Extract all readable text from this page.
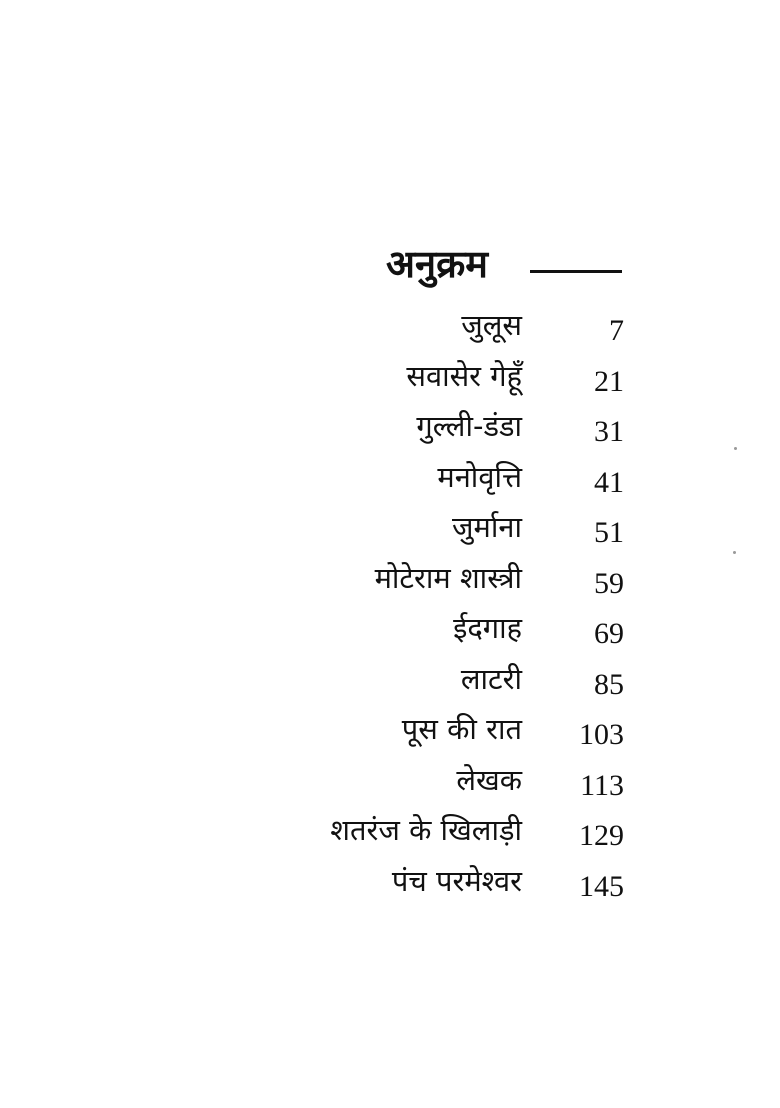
अनुक्रम
जुलूस	7
सवासेर गेहूँ 21
गुल्ली-डंडा 31
मनोवृत्ति 41
जुर्माना 51
मोटेराम शास्त्री 59
ईदगाह 69
लाटरी 85
पूस की रात 103
लेखक 113
शतरंज के खिलाड़ी 129
पंच परमेश्वर 145
